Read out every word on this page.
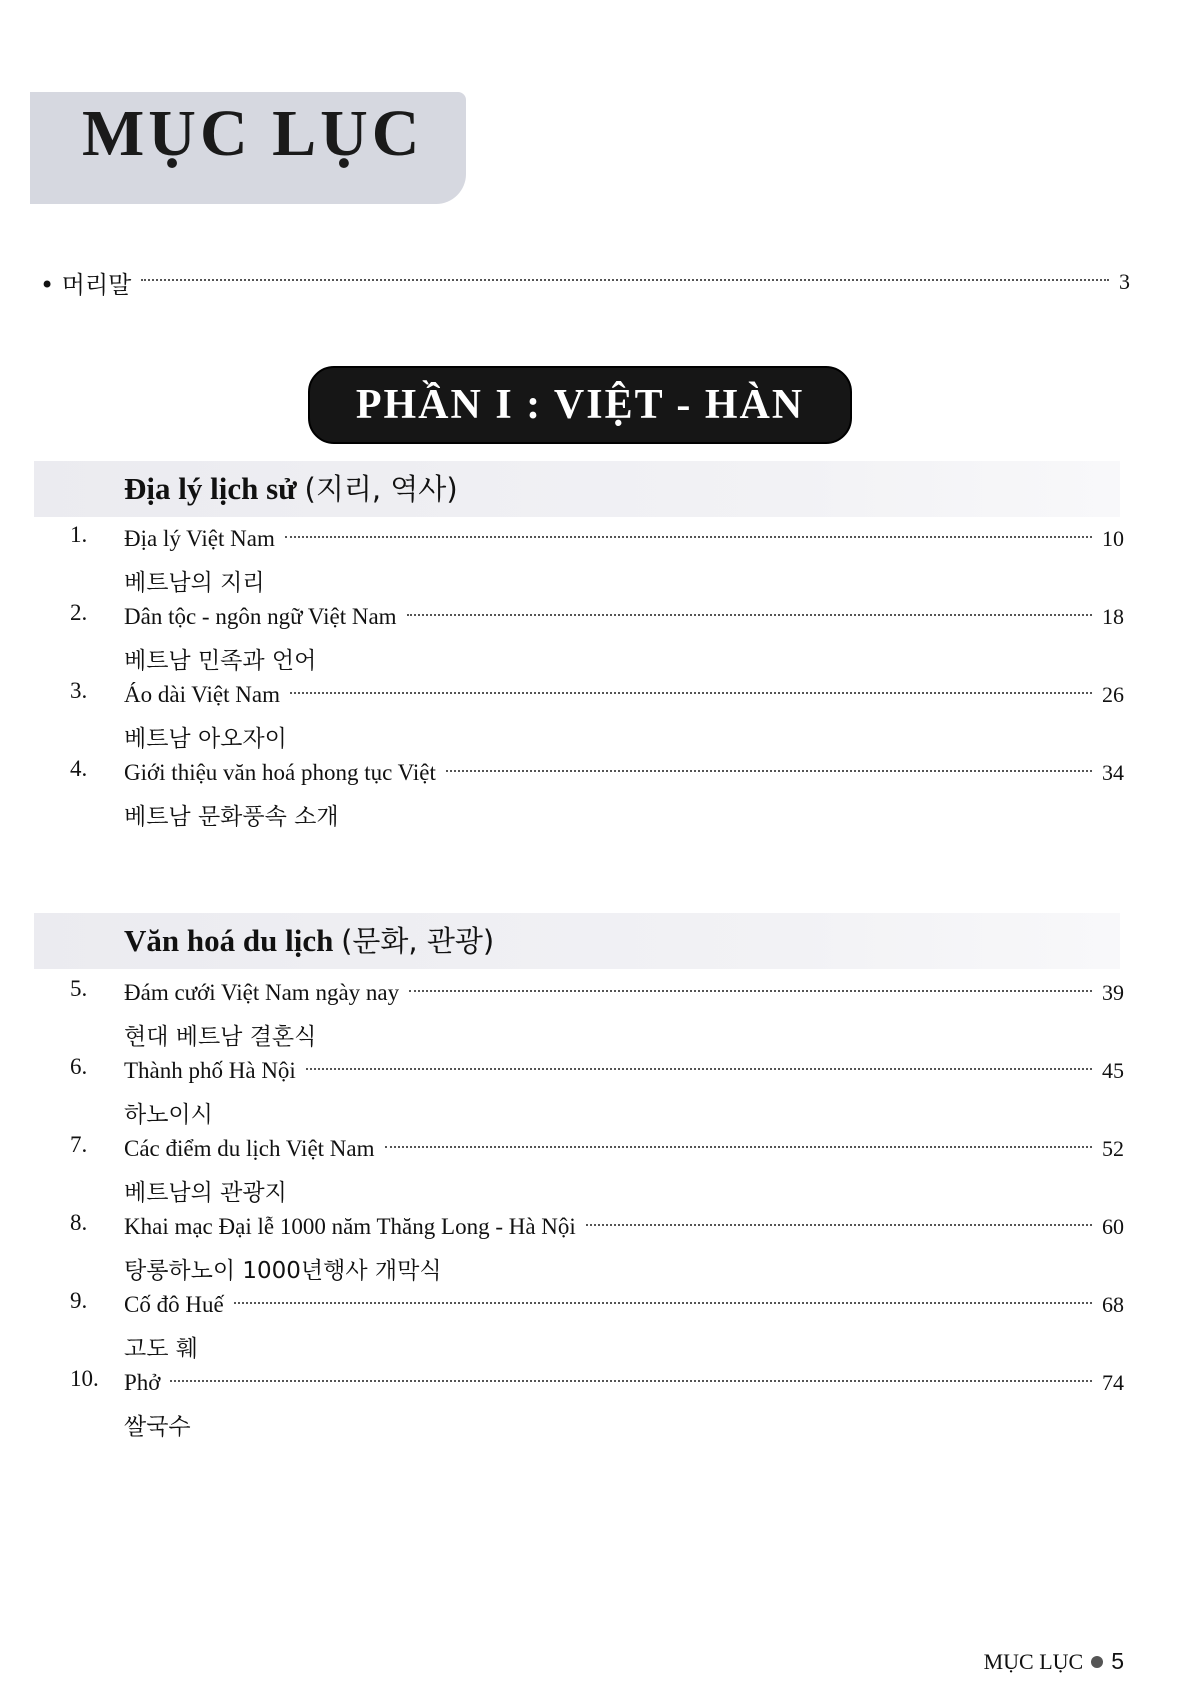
MỤC LỤC
• 머리말	3
PHẦN I : VIỆT - HÀN
Địa lý lịch sử (지리, 역사)
1. Địa lý Việt Nam	10
베트남의 지리
2. Dân tộc - ngôn ngữ Việt Nam	18
베트남 민족과 언어
3. Áo dài Việt Nam	26
베트남 아오자이
4. Giới thiệu văn hoá phong tục Việt	34
베트남 문화풍속 소개
Văn hoá du lịch (문화, 관광)
5. Đám cưới Việt Nam ngày nay	39
현대 베트남 결혼식
6. Thành phố Hà Nội	45
하노이시
7. Các điểm du lịch Việt Nam	52
베트남의 관광지
8. Khai mạc Đại lễ 1000 năm Thăng Long - Hà Nội	60
탕롱하노이 1000년행사 개막식
9. Cố đô Huế	68
고도 훼
10. Phở	74
쌀국수
MỤC LỤC 5
